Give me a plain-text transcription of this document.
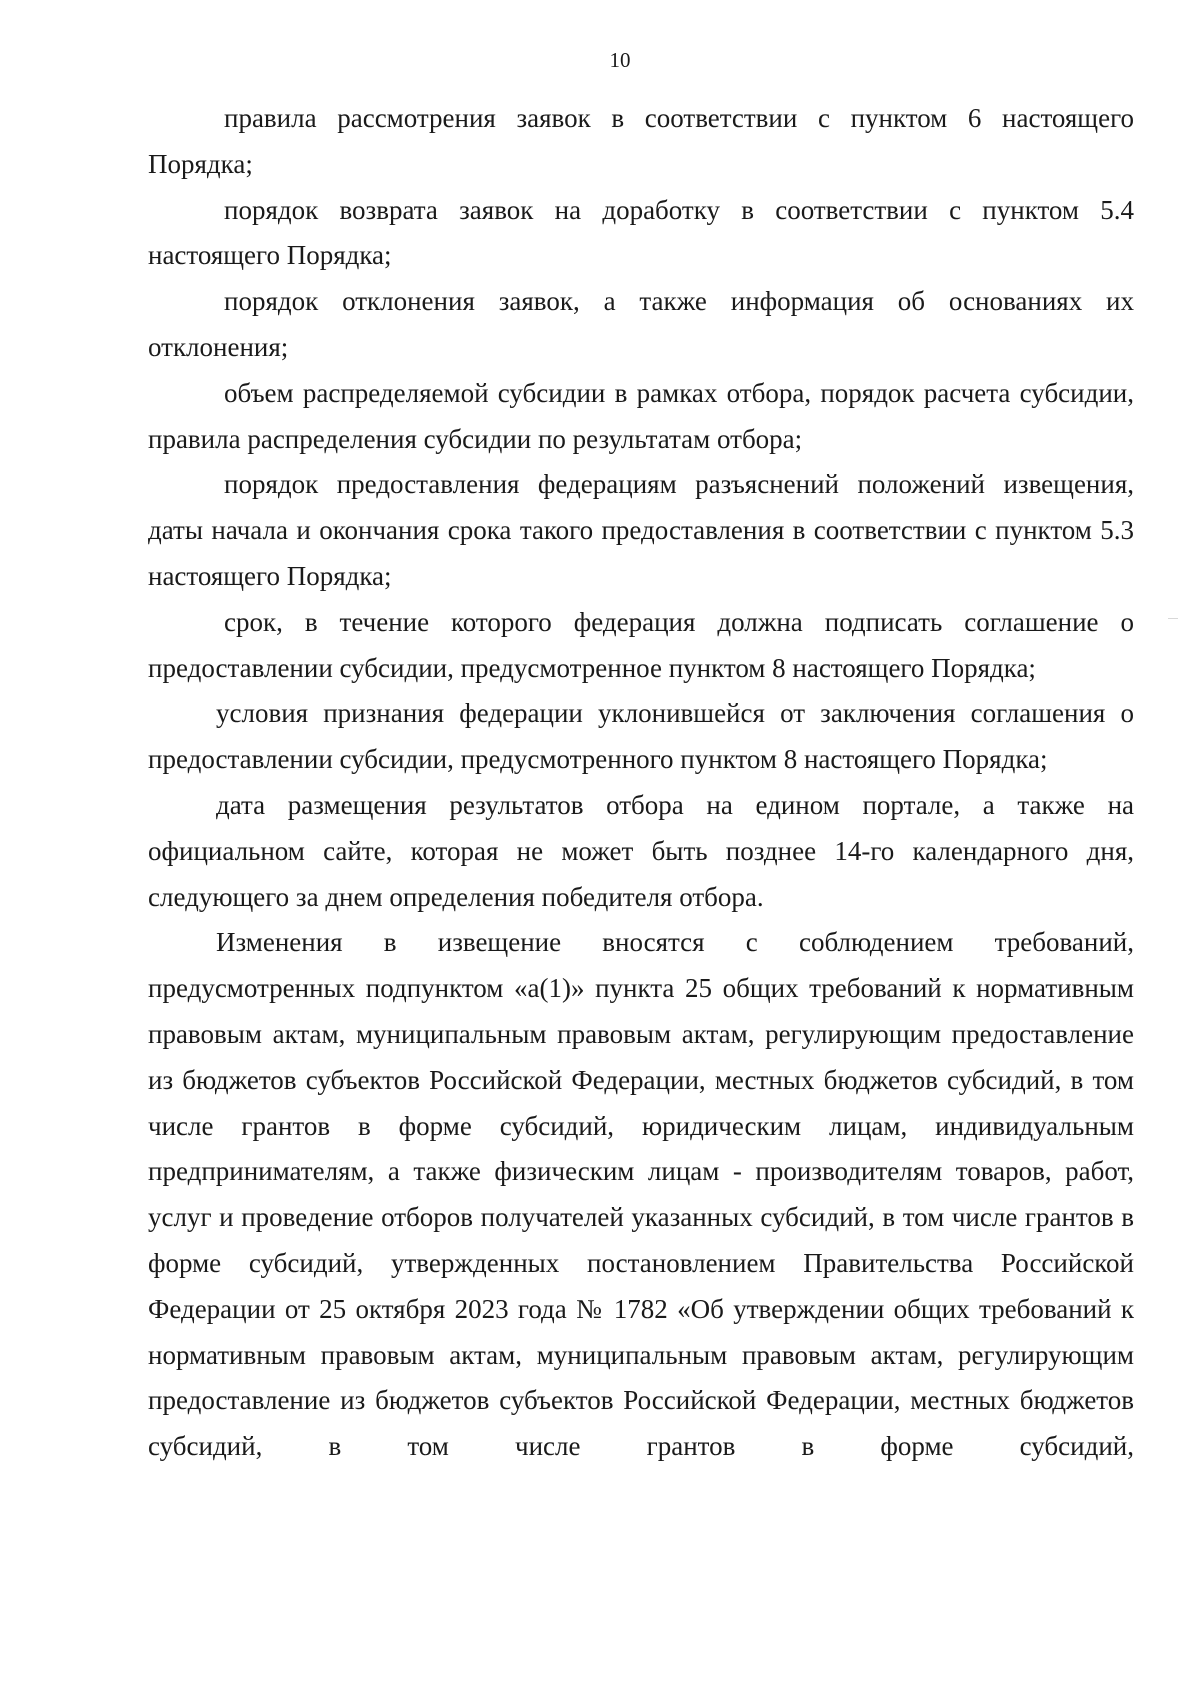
10

правила рассмотрения заявок в соответствии с пунктом 6 настоящего Порядка;

порядок возврата заявок на доработку в соответствии с пунктом 5.4 настоящего Порядка;

порядок отклонения заявок, а также информация об основаниях их отклонения;

объем распределяемой субсидии в рамках отбора, порядок расчета субсидии, правила распределения субсидии по результатам отбора;

порядок предоставления федерациям разъяснений положений извещения, даты начала и окончания срока такого предоставления в соответствии с пунктом 5.3 настоящего Порядка;

срок, в течение которого федерация должна подписать соглашение о предоставлении субсидии, предусмотренное пунктом 8 настоящего Порядка;

условия признания федерации уклонившейся от заключения соглашения о предоставлении субсидии, предусмотренного пунктом 8 настоящего Порядка;

дата размещения результатов отбора на едином портале, а также на официальном сайте, которая не может быть позднее 14-го календарного дня, следующего за днем определения победителя отбора.

Изменения в извещение вносятся с соблюдением требований, предусмотренных подпунктом «а(1)» пункта 25 общих требований к нормативным правовым актам, муниципальным правовым актам, регулирующим предоставление из бюджетов субъектов Российской Федерации, местных бюджетов субсидий, в том числе грантов в форме субсидий, юридическим лицам, индивидуальным предпринимателям, а также физическим лицам - производителям товаров, работ, услуг и проведение отборов получателей указанных субсидий, в том числе грантов в форме субсидий, утвержденных постановлением Правительства Российской Федерации от 25 октября 2023 года № 1782 «Об утверждении общих требований к нормативным правовым актам, муниципальным правовым актам, регулирующим предоставление из бюджетов субъектов Российской Федерации, местных бюджетов субсидий, в том числе грантов в форме субсидий,
